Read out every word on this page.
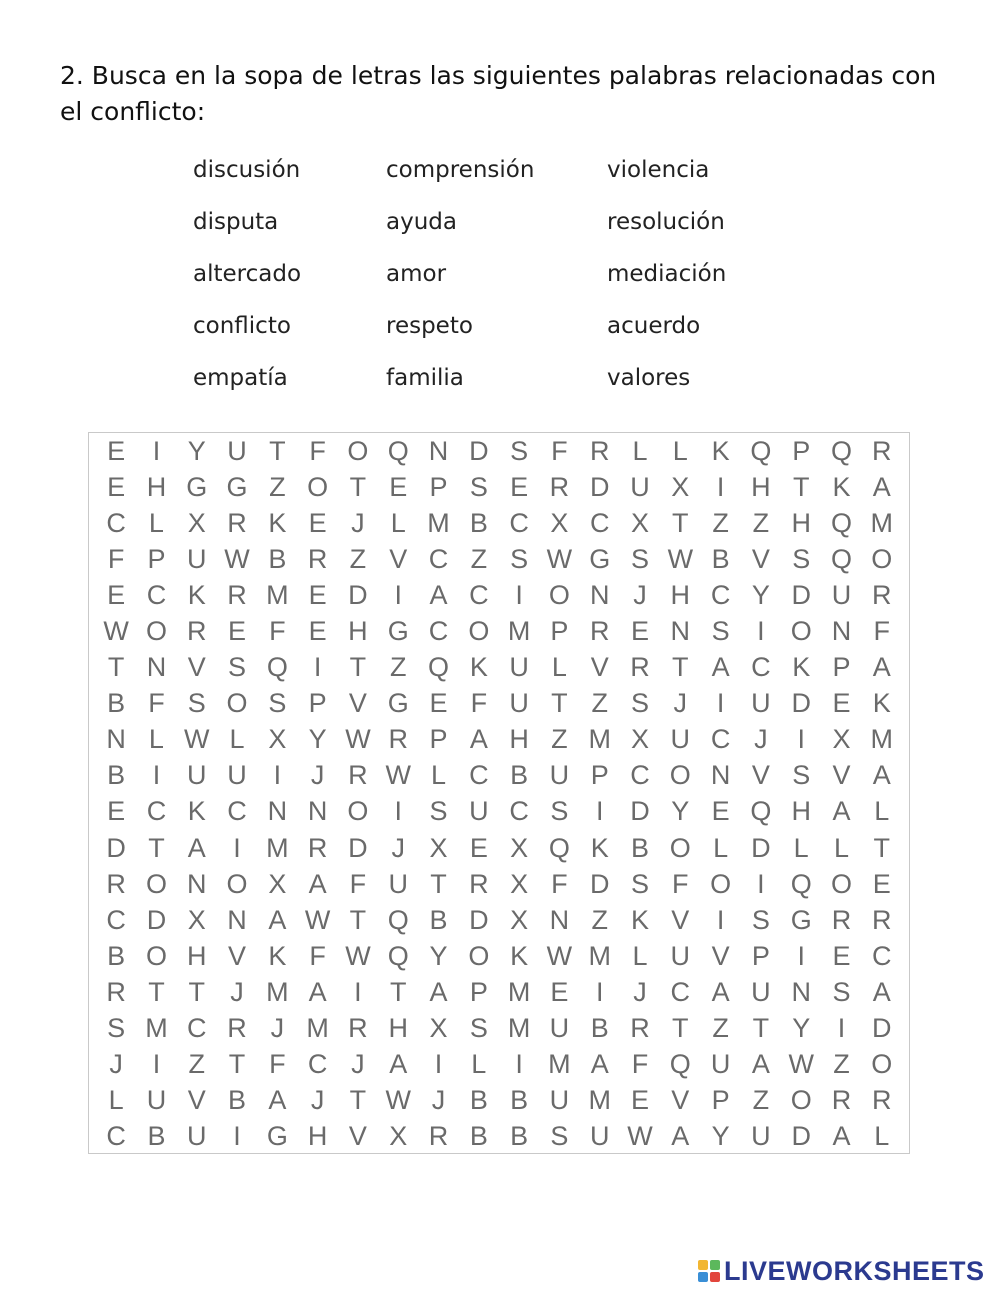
2. Busca en la sopa de letras las siguientes palabras relacionadas con el conflicto:
discusión
disputa
altercado
conflicto
empatía
comprensión
ayuda
amor
respeto
familia
violencia
resolución
mediación
acuerdo
valores
E	I	Y U T F O Q N D S F R L L K Q P Q R
E H G G Z O T E P S E R D U X	I H T K A
C L X R K E J L M B C X C X T Z Z H Q M
F P U W B R Z V C Z S W G S W B V S Q O
E C K R M E D I	A C I O N J H C Y D U R
W O R E F E H G C O M P R E N S	I O N F
T N V S Q I	T Z Q K U L V R T A C K P A
B F S O S P V G E F U T Z S J	I U D E K
N L W L X Y W R P A H Z M X U C J	I	X M
B	I U U I	J R W L C B U P C O N V S V A
E C K C N N O I	S U C S	I D Y E Q H A L
D T A	I M R D J X E X Q K B O L D L L T
R O N O X A F U T R X F D S F O I Q O E
C D X N A W T Q B D X N Z K V	I	S G R R
B O H V K F W Q Y O K W M L U V P	I	E C
R T T J M A	I	T A P M E	I	J C A U N S A
S M C R J M R H X S M U B R T Z T Y	I D
J	I	Z T F C J A	I	L	I M A F Q U A W Z O
L U V B A J T W J B B U M E V P Z O R R
C B U I G H V X R B B S U W A Y U D A L
LIVEWORKSHEETS
